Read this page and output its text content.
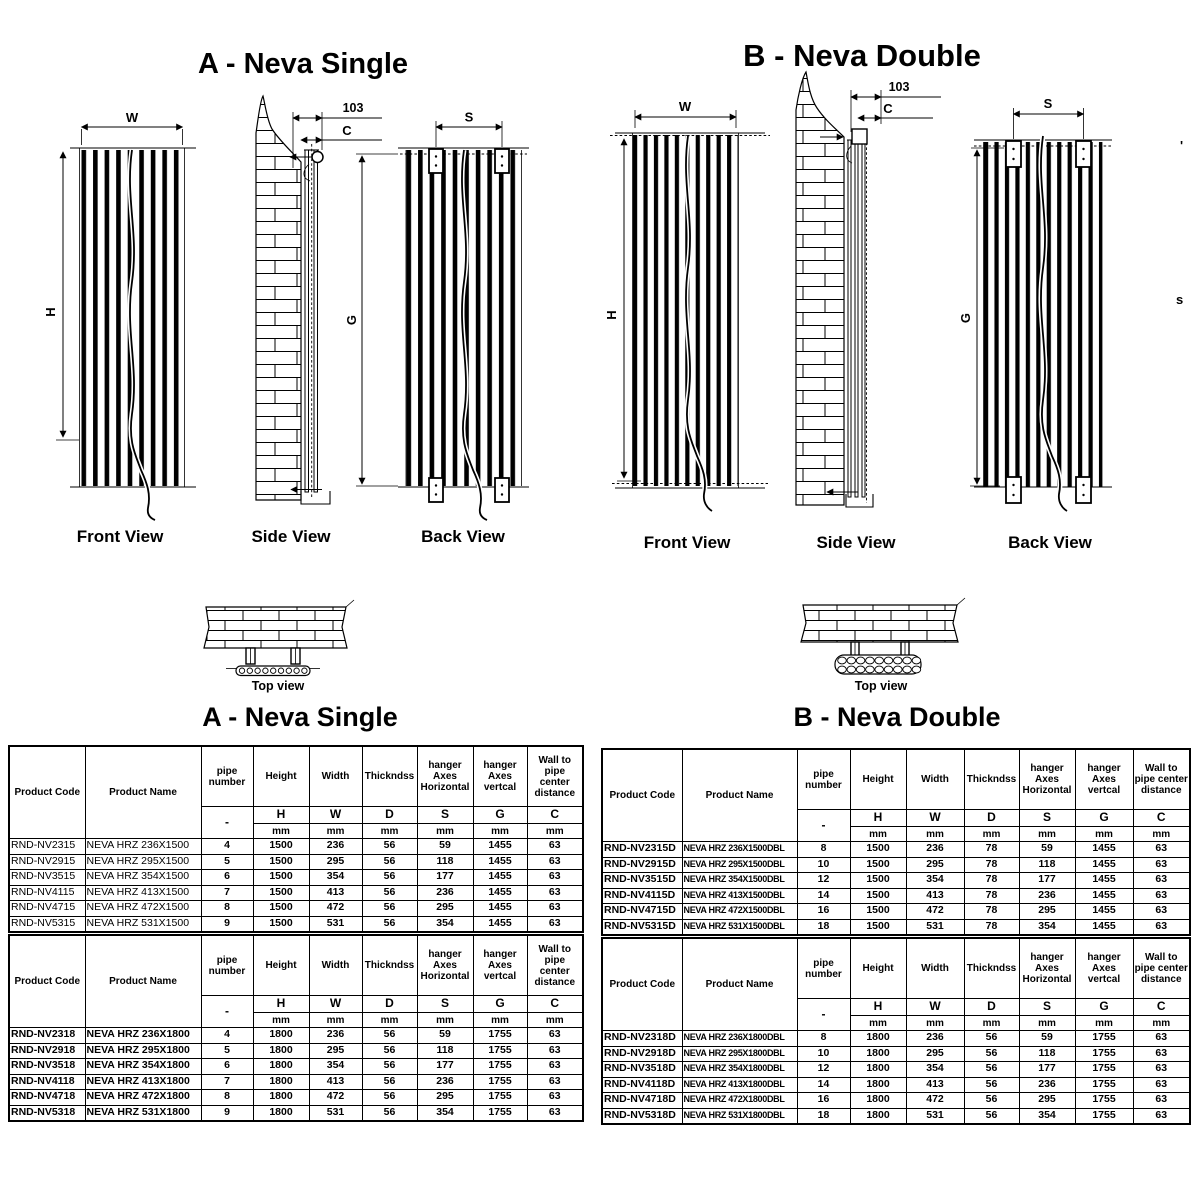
W
H
103
C
S
G
W
H
103
C	S
G
A - Neva Single	B - Neva Double
Front View	Side View	Back View	Front View	Side View	Back View
Top view	Top view
'
s
A - Neva Single	B - Neva Double
Product Code	Product Name	pipe number	Height	Width	Thickndss	hanger Axes Horizontal	hanger Axes vertcal	Wall to pipe center distance
		-	H	W	D	S	G	C
			mm	mm	mm	mm	mm	mm
RND-NV2315	NEVA HRZ 236X1500	4	1500	236	56	59	1455	63
RND-NV2915	NEVA HRZ 295X1500	5	1500	295	56	118	1455	63
RND-NV3515	NEVA HRZ 354X1500	6	1500	354	56	177	1455	63
RND-NV4115	NEVA HRZ 413X1500	7	1500	413	56	236	1455	63
RND-NV4715	NEVA HRZ 472X1500	8	1500	472	56	295	1455	63
RND-NV5315	NEVA HRZ 531X1500	9	1500	531	56	354	1455	63
Product Code	Product Name	pipe number	Height	Width	Thickndss	hanger Axes Horizontal	hanger Axes vertcal	Wall to pipe center distance
		-	H	W	D	S	G	C
			mm	mm	mm	mm	mm	mm
RND-NV2318	NEVA HRZ 236X1800	4	1800	236	56	59	1755	63
RND-NV2918	NEVA HRZ 295X1800	5	1800	295	56	118	1755	63
RND-NV3518	NEVA HRZ 354X1800	6	1800	354	56	177	1755	63
RND-NV4118	NEVA HRZ 413X1800	7	1800	413	56	236	1755	63
RND-NV4718	NEVA HRZ 472X1800	8	1800	472	56	295	1755	63
RND-NV5318	NEVA HRZ 531X1800	9	1800	531	56	354	1755	63
Product Code	Product Name	pipe number	Height	Width	Thickndss	hanger Axes Horizontal	hanger Axes vertcal	Wall to pipe center distance
		-	H	W	D	S	G	C
			mm	mm	mm	mm	mm	mm
RND-NV2315D	NEVA HRZ 236X1500DBL	8	1500	236	78	59	1455	63
RND-NV2915D	NEVA HRZ 295X1500DBL	10	1500	295	78	118	1455	63
RND-NV3515D	NEVA HRZ 354X1500DBL	12	1500	354	78	177	1455	63
RND-NV4115D	NEVA HRZ 413X1500DBL	14	1500	413	78	236	1455	63
RND-NV4715D	NEVA HRZ 472X1500DBL	16	1500	472	78	295	1455	63
RND-NV5315D	NEVA HRZ 531X1500DBL	18	1500	531	78	354	1455	63
Product Code	Product Name	pipe number	Height	Width	Thickndss	hanger Axes Horizontal	hanger Axes vertcal	Wall to pipe center distance
		-	H	W	D	S	G	C
			mm	mm	mm	mm	mm	mm
RND-NV2318D	NEVA HRZ 236X1800DBL	8	1800	236	56	59	1755	63
RND-NV2918D	NEVA HRZ 295X1800DBL	10	1800	295	56	118	1755	63
RND-NV3518D	NEVA HRZ 354X1800DBL	12	1800	354	56	177	1755	63
RND-NV4118D	NEVA HRZ 413X1800DBL	14	1800	413	56	236	1755	63
RND-NV4718D	NEVA HRZ 472X1800DBL	16	1800	472	56	295	1755	63
RND-NV5318D	NEVA HRZ 531X1800DBL	18	1800	531	56	354	1755	63
